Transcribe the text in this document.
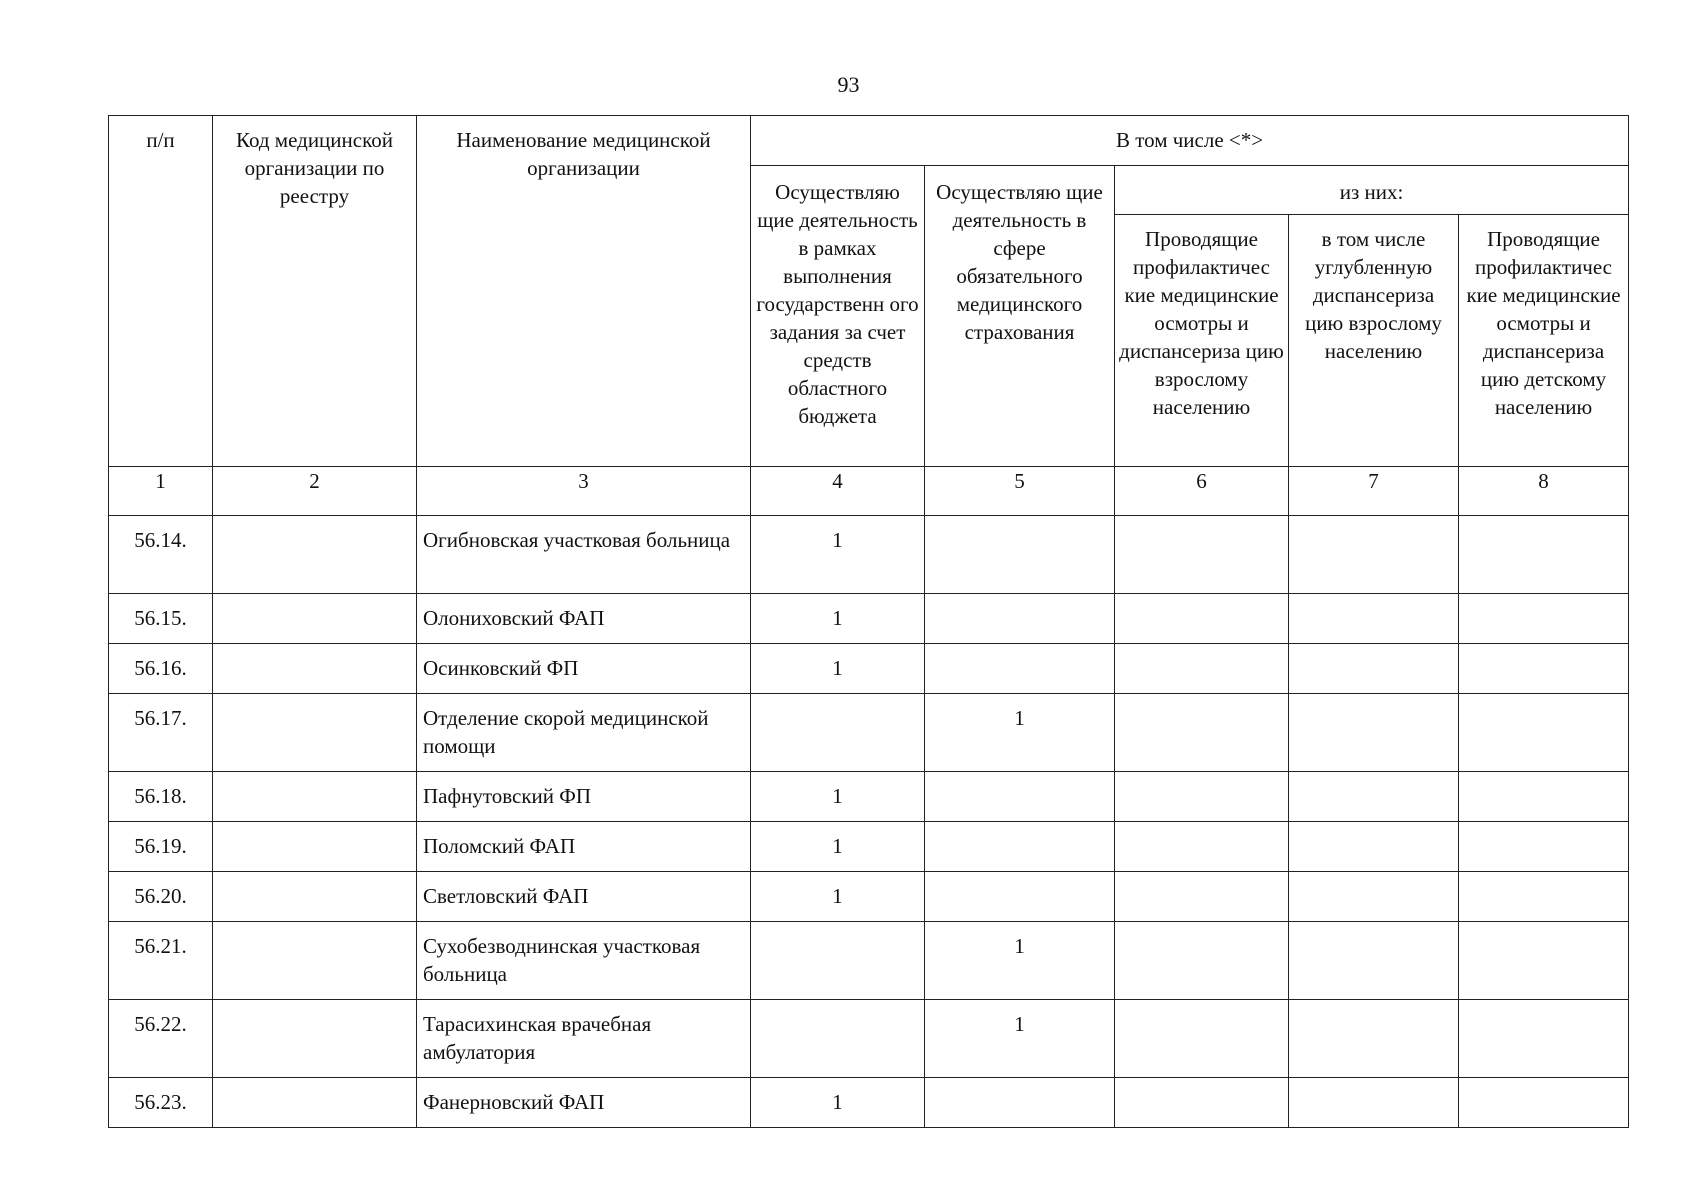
93
п/п	Код медицинской организации по реестру	Наименование медицинской организации	В том числе <*>				
			Осуществляю щие деятельность в рамках выполнения государственн ого задания за счет средств областного бюджета	Осуществляю щие деятельность в сфере обязательного медицинского страхования	из них:		
					Проводящие профилактичес кие медицинские осмотры и диспансериза цию взрослому населению	в том числе углубленную диспансериза цию взрослому населению	Проводящие профилактичес кие медицинские осмотры и диспансериза цию детскому населению
1	2	3	4	5	6	7	8
56.14.		Огибновская участковая больница	1				
56.15.		Олониховский ФАП	1				
56.16.		Осинковский ФП	1				
56.17.		Отделение скорой медицинской помощи		1			
56.18.		Пафнутовский ФП	1				
56.19.		Поломский ФАП	1				
56.20.		Светловский ФАП	1				
56.21.		Сухобезводнинская участковая больница		1			
56.22.		Тарасихинская врачебная амбулатория		1			
56.23.		Фанерновский ФАП	1				
